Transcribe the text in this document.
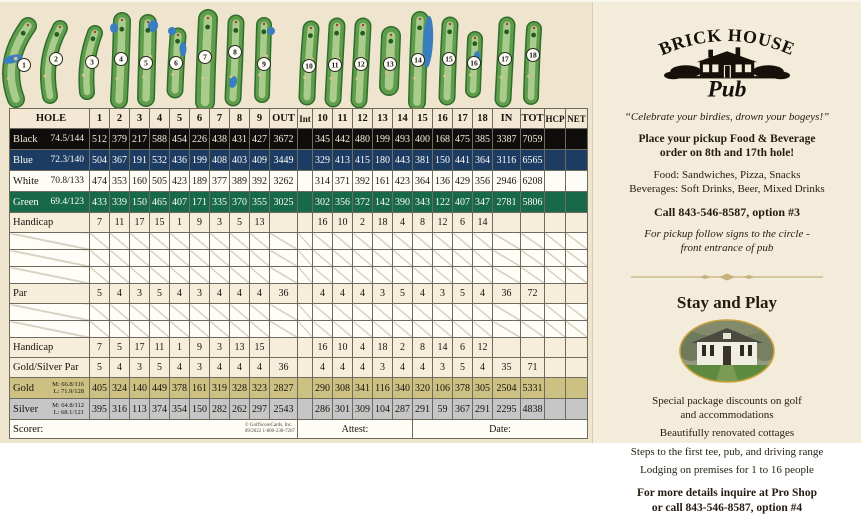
1
2	3	4	5	6
7
8
9	10 11 12	13	14	15 16	17	18
HOLE	1	2	3	4	5	6	7	8	9	OUT	Int	10	11	12	13	14	15	16	17	18	IN	TOT	HCP	NET

Black 74.5/144	512	379	217	588	454	226	438	431	427	3672		345	442	480	199	493	400	168	475	385	3387	7059		

Blue 72.3/140	504	367	191	532	436	199	408	403	409	3449		329	413	415	180	443	381	150	441	364	3116	6565		

White 70.8/133	474	353	160	505	423	189	377	389	392	3262		314	371	392	161	423	364	136	429	356	2946	6208		

Green 69.4/123	433	339	150	465	407	171	335	370	355	3025		302	356	372	142	390	343	122	407	347	2781	5806		

Handicap	7	11	17	15	1	9	3	5	13			16	10	2	18	4	8	12	6	14				

Par	5	4	3	5	4	3	4	4	4	36		4	4	4	3	5	4	3	5	4	36	72		

Handicap	7	5	17	11	1	9	3	13	15			16	10	4	18	2	8	14	6	12				

Gold/Silver Par	5	4	3	5	4	3	4	4	4	36		4	4	4	3	4	4	3	5	4	35	71		

Gold M: 66.8/116
L: 71.9/128	405	324	140	449	378	161	319	328	323	2827		290	308	341	116	340	320	106	378	305	2504	5331		

Silver M: 64.8/112
L: 68.1/121	395	316	113	374	354	150	282	262	297	2543		286	301	309	104	287	291	59	367	291	2295	4838		

Scorer: © GolfScoreCards, Inc.
09/2022 1-800-238-7267											Attest:						Date:							
BRICK HOUSE
Pub
“Celebrate your birdies, drown your bogeys!”
Place your pickup Food & Beverage
order on 8th and 17th hole!
Food: Sandwiches, Pizza, Snacks
Beverages: Soft Drinks, Beer, Mixed Drinks
Call 843-546-8587, option #3
For pickup follow signs to the circle -
front entrance of pub
Stay and Play
Special package discounts on golf
and accommodations
Beautifully renovated cottages
Steps to the first tee, pub, and driving range
Lodging on premises for 1 to 16 people
For more details inquire at Pro Shop
or call 843-546-8587, option #4
